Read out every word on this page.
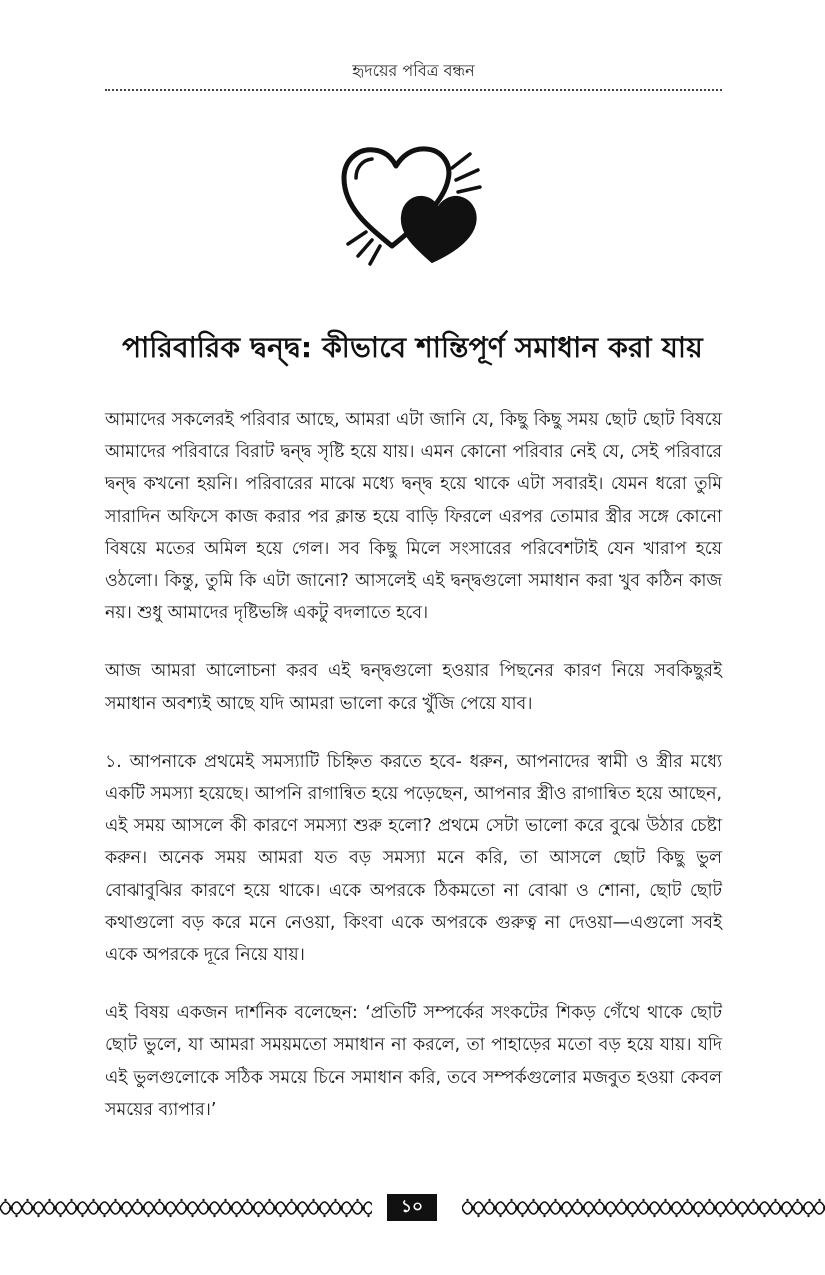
হৃদয়ের পবিত্র বন্ধন
পারিবারিক দ্বন্দ্ব: কীভাবে শান্তিপূর্ণ সমাধান করা যায়

আমাদের সকলেরই পরিবার আছে, আমরা এটা জানি যে, কিছু কিছু সময় ছোট ছোট বিষয়ে আমাদের পরিবারে বিরাট দ্বন্দ্ব সৃষ্টি হয়ে যায়। এমন কোনো পরিবার নেই যে, সেই পরিবারে দ্বন্দ্ব কখনো হয়নি। পরিবারের মাঝে মধ্যে দ্বন্দ্ব হয়ে থাকে এটা সবারই। যেমন ধরো তুমি সারাদিন অফিসে কাজ করার পর ক্লান্ত হয়ে বাড়ি ফিরলে এরপর তোমার স্ত্রীর সঙ্গে কোনো বিষয়ে মতের অমিল হয়ে গেল। সব কিছু মিলে সংসারের পরিবেশটাই যেন খারাপ হয়ে ওঠলো। কিন্তু, তুমি কি এটা জানো? আসলেই এই দ্বন্দ্বগুলো সমাধান করা খুব কঠিন কাজ নয়। শুধু আমাদের দৃষ্টিভঙ্গি একটু বদলাতে হবে।

আজ আমরা আলোচনা করব এই দ্বন্দ্বগুলো হওয়ার পিছনের কারণ নিয়ে সবকিছুরই সমাধান অবশ্যই আছে যদি আমরা ভালো করে খুঁজি পেয়ে যাব।

১. আপনাকে প্রথমেই সমস্যাটি চিহ্নিত করতে হবে- ধরুন, আপনাদের স্বামী ও স্ত্রীর মধ্যে একটি সমস্যা হয়েছে। আপনি রাগান্বিত হয়ে পড়েছেন, আপনার স্ত্রীও রাগান্বিত হয়ে আছেন, এই সময় আসলে কী কারণে সমস্যা শুরু হলো? প্রথমে সেটা ভালো করে বুঝে উঠার চেষ্টা করুন। অনেক সময় আমরা যত বড় সমস্যা মনে করি, তা আসলে ছোট কিছু ভুল বোঝাবুঝির কারণে হয়ে থাকে। একে অপরকে ঠিকমতো না বোঝা ও শোনা, ছোট ছোট কথাগুলো বড় করে মনে নেওয়া, কিংবা একে অপরকে গুরুত্ব না দেওয়া—এগুলো সবই একে অপরকে দূরে নিয়ে যায়।

এই বিষয় একজন দার্শনিক বলেছেন: ‘প্রতিটি সম্পর্কের সংকটের শিকড় গেঁথে থাকে ছোট ছোট ভুলে, যা আমরা সময়মতো সমাধান না করলে, তা পাহাড়ের মতো বড় হয়ে যায়। যদি এই ভুলগুলোকে সঠিক সময়ে চিনে সমাধান করি, তবে সম্পর্কগুলোর মজবুত হওয়া কেবল সময়ের ব্যাপার।’

১০
